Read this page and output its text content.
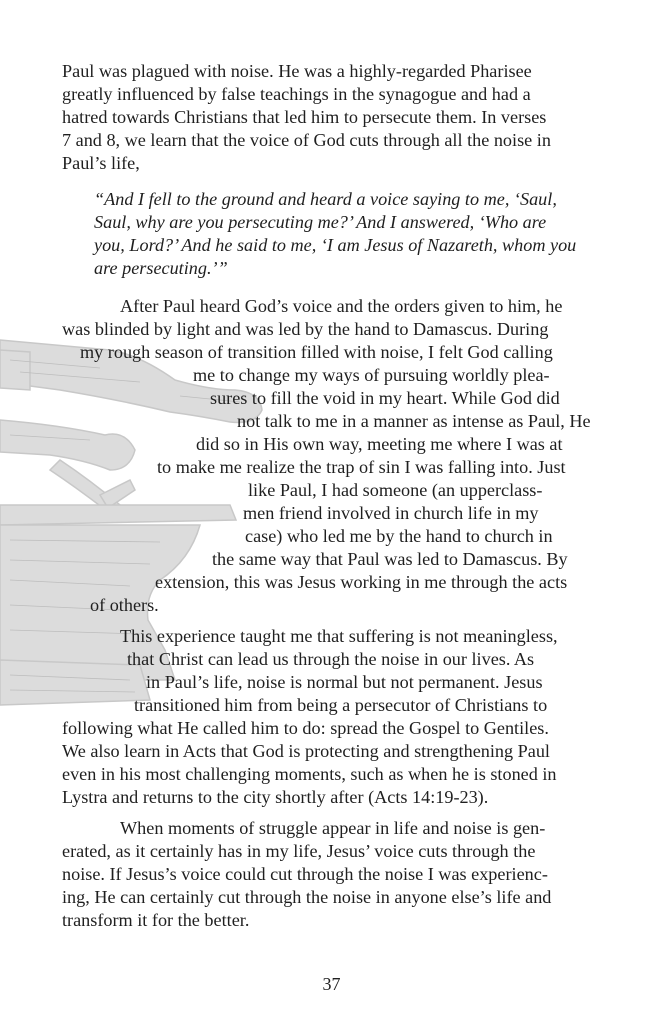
Paul was plagued with noise. He was a highly-regarded Pharisee
greatly influenced by false teachings in the synagogue and had a
hatred towards Christians that led him to persecute them. In verses
7 and 8, we learn that the voice of God cuts through all the noise in
Paul’s life,
“And I fell to the ground and heard a voice saying to me, ‘Saul,
Saul, why are you persecuting me?’ And I answered, ‘Who are
you, Lord?’ And he said to me, ‘I am Jesus of Nazareth, whom you
are persecuting.’”
After Paul heard God’s voice and the orders given to him, he
was blinded by light and was led by the hand to Damascus. During
my rough season of transition filled with noise, I felt God calling
me to change my ways of pursuing worldly plea-
sures to fill the void in my heart. While God did
not talk to me in a manner as intense as Paul, He
did so in His own way, meeting me where I was at
to make me realize the trap of sin I was falling into. Just
like Paul, I had someone (an upperclass-
men friend involved in church life in my
case) who led me by the hand to church in
the same way that Paul was led to Damascus. By
extension, this was Jesus working in me through the acts
of others.
This experience taught me that suffering is not meaningless,
that Christ can lead us through the noise in our lives. As
in Paul’s life, noise is normal but not permanent. Jesus
transitioned him from being a persecutor of Christians to
following what He called him to do: spread the Gospel to Gentiles.
We also learn in Acts that God is protecting and strengthening Paul
even in his most challenging moments, such as when he is stoned in
Lystra and returns to the city shortly after (Acts 14:19-23).
When moments of struggle appear in life and noise is gen-
erated, as it certainly has in my life, Jesus’ voice cuts through the
noise. If Jesus’s voice could cut through the noise I was experienc-
ing, He can certainly cut through the noise in anyone else’s life and
transform it for the better.
37
